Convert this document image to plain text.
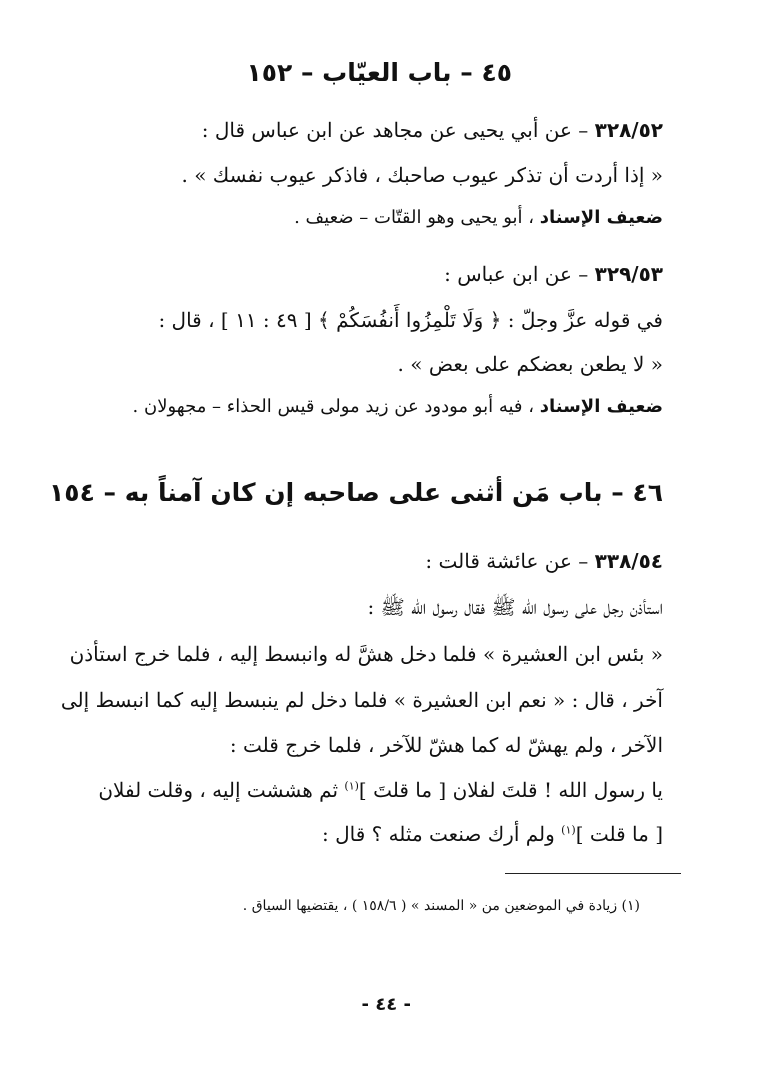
٤٥ – باب العيّاب – ١٥٢
٣٢٨/٥٢ – عن أبي يحيى عن مجاهد عن ابن عباس قال :
« إذا أردت أن تذكر عيوب صاحبك ، فاذكر عيوب نفسك » .
ضعيف الإسناد ، أبو يحيى وهو القتّات – ضعيف .
٣٢٩/٥٣ – عن ابن عباس :
في قوله عزَّ وجلّ : ﴿ وَلَا تَلْمِزُوا أَنفُسَكُمْ ﴾ [ ٤٩ : ١١ ] ، قال :
« لا يطعن بعضكم على بعض » .
ضعيف الإسناد ، فيه أبو مودود عن زيد مولى قيس الحذاء – مجهولان .
٤٦ – باب مَن أثنى على صاحبه إن كان آمناً به – ١٥٤
٣٣٨/٥٤ – عن عائشة قالت :
استأذن رجل على رسول الله ﷺ فقال رسول الله ﷺ :
« بئس ابن العشيرة » فلما دخل هشَّ له وانبسط إليه ، فلما خرج استأذن
آخر ، قال : « نعم ابن العشيرة » فلما دخل لم ينبسط إليه كما انبسط إلى
الآخر ، ولم يهشّ له كما هشّ للآخر ، فلما خرج قلت :
يا رسول الله ! قلتَ لفلان [ ما قلتَ ]$^{(١)}$ ثم هششت إليه ، وقلت لفلان
[ ما قلت ]$^{(١)}$ ولم أرك صنعت مثله ؟ قال :
(١) زيادة في الموضعين من « المسند » ( ١٥٨/٦ ) ، يقتضيها السياق .
- ٤٤ -
